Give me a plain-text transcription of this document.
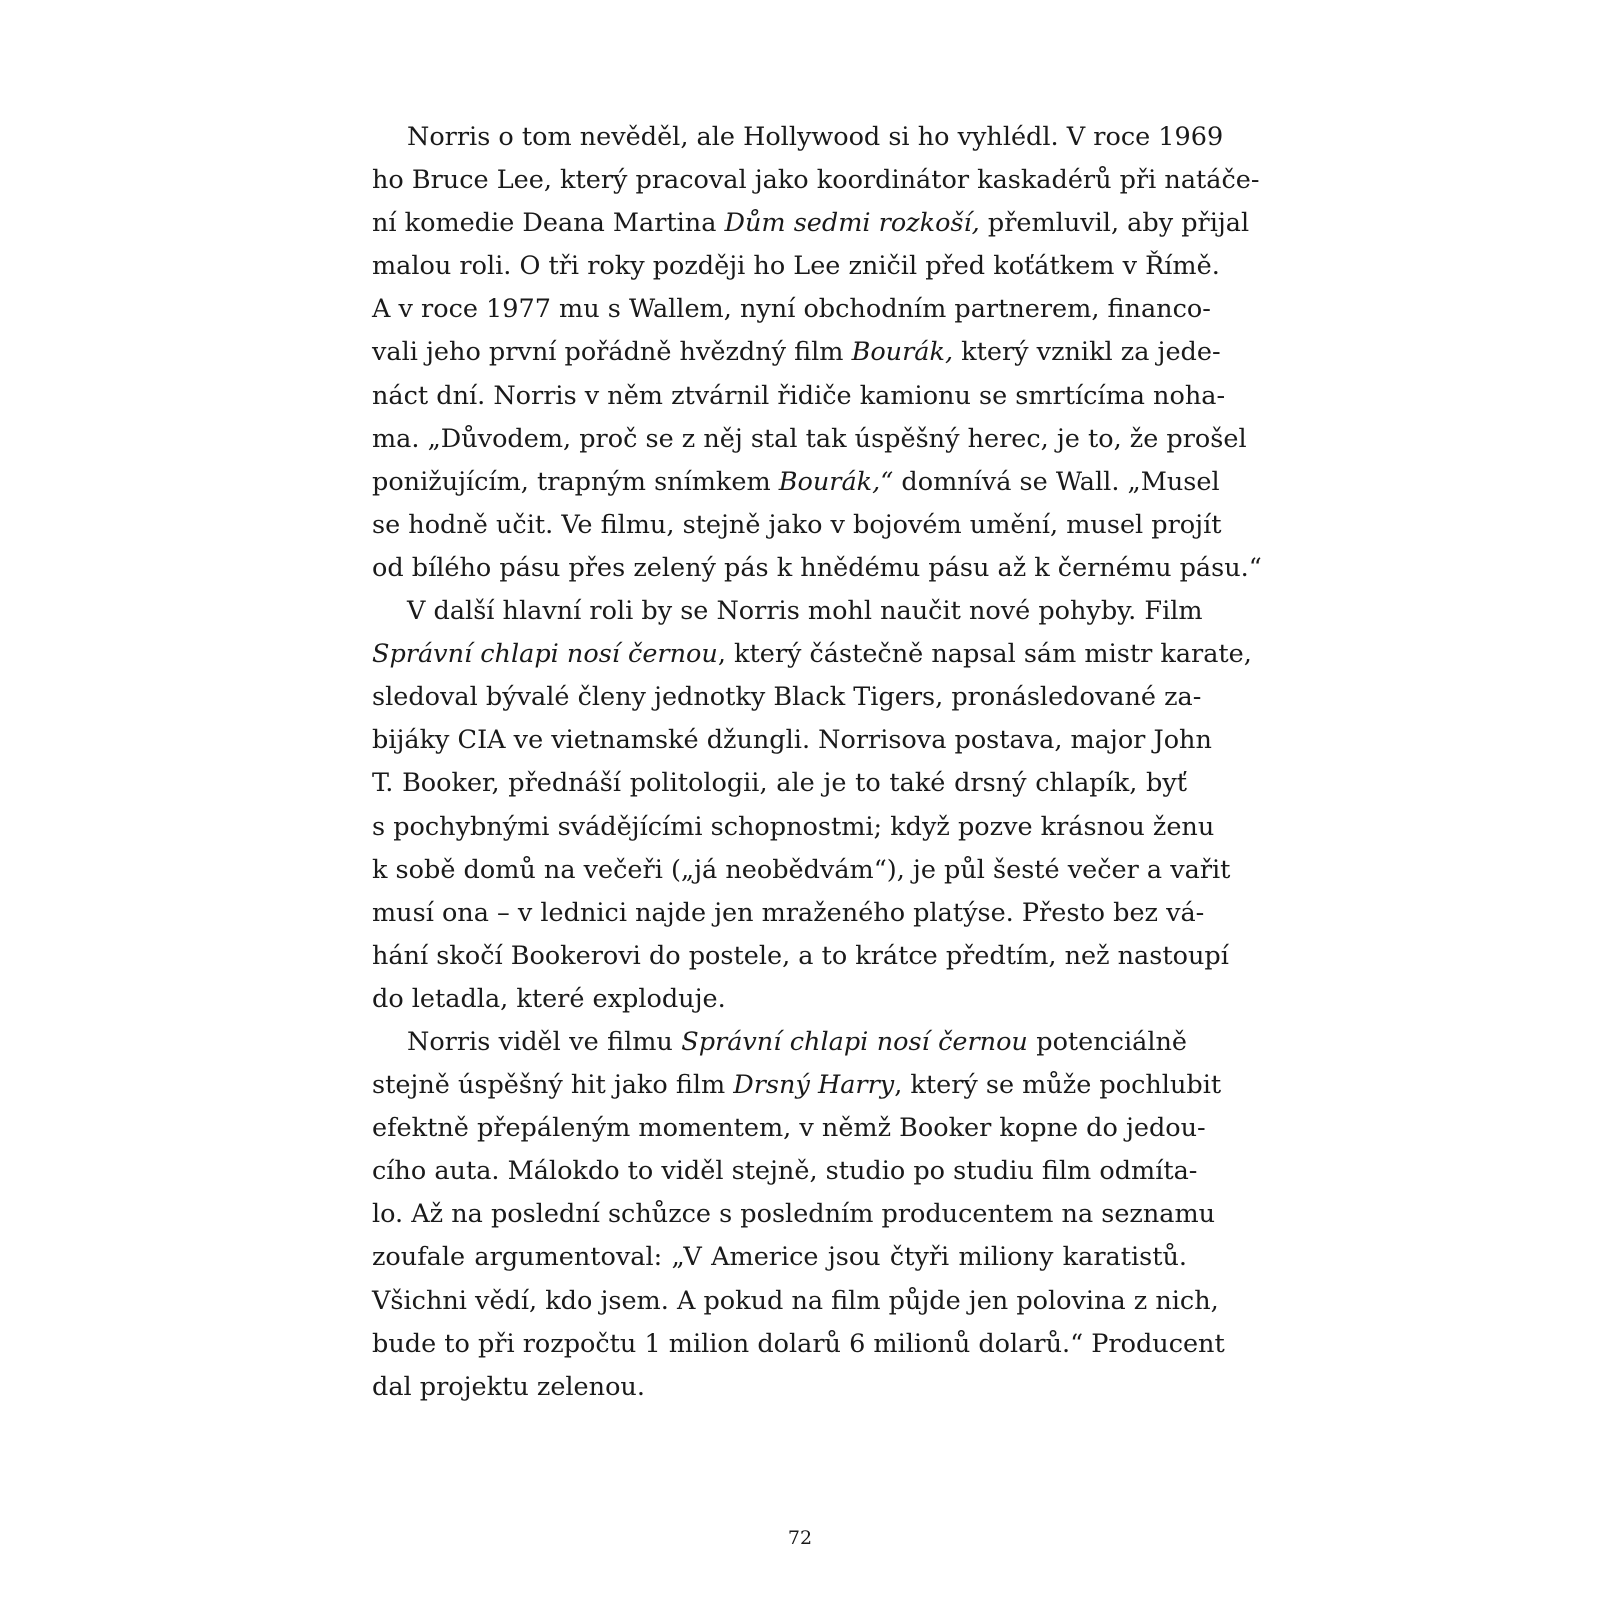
Norris o tom nevěděl, ale Hollywood si ho vyhlédl. V roce 1969
ho Bruce Lee, který pracoval jako koordinátor kaskadérů při natáče-
ní komedie Deana Martina Dům sedmi rozkoší, přemluvil, aby přijal
malou roli. O tři roky později ho Lee zničil před koťátkem v Římě.
A v roce 1977 mu s Wallem, nyní obchodním partnerem, financo-
vali jeho první pořádně hvězdný film Bourák, který vznikl za jede-
náct dní. Norris v něm ztvárnil řidiče kamionu se smrtícíma noha-
ma. „Důvodem, proč se z něj stal tak úspěšný herec, je to, že prošel
ponižujícím, trapným snímkem Bourák,“ domnívá se Wall. „Musel
se hodně učit. Ve filmu, stejně jako v bojovém umění, musel projít
od bílého pásu přes zelený pás k hnědému pásu až k černému pásu.“
V další hlavní roli by se Norris mohl naučit nové pohyby. Film
Správní chlapi nosí černou, který částečně napsal sám mistr karate,
sledoval bývalé členy jednotky Black Tigers, pronásledované za-
bijáky CIA ve vietnamské džungli. Norrisova postava, major John
T. Booker, přednáší politologii, ale je to také drsný chlapík, byť
s pochybnými svádějícími schopnostmi; když pozve krásnou ženu
k sobě domů na večeři („já neobědvám“), je půl šesté večer a vařit
musí ona – v lednici najde jen mraženého platýse. Přesto bez vá-
hání skočí Bookerovi do postele, a to krátce předtím, než nastoupí
do letadla, které exploduje.
Norris viděl ve filmu Správní chlapi nosí černou potenciálně
stejně úspěšný hit jako film Drsný Harry, který se může pochlubit
efektně přepáleným momentem, v němž Booker kopne do jedou-
cího auta. Málokdo to viděl stejně, studio po studiu film odmíta-
lo. Až na poslední schůzce s posledním producentem na seznamu
zoufale argumentoval: „V Americe jsou čtyři miliony karatistů.
Všichni vědí, kdo jsem. A pokud na film půjde jen polovina z nich,
bude to při rozpočtu 1 milion dolarů 6 milionů dolarů.“ Producent
dal projektu zelenou.
72
